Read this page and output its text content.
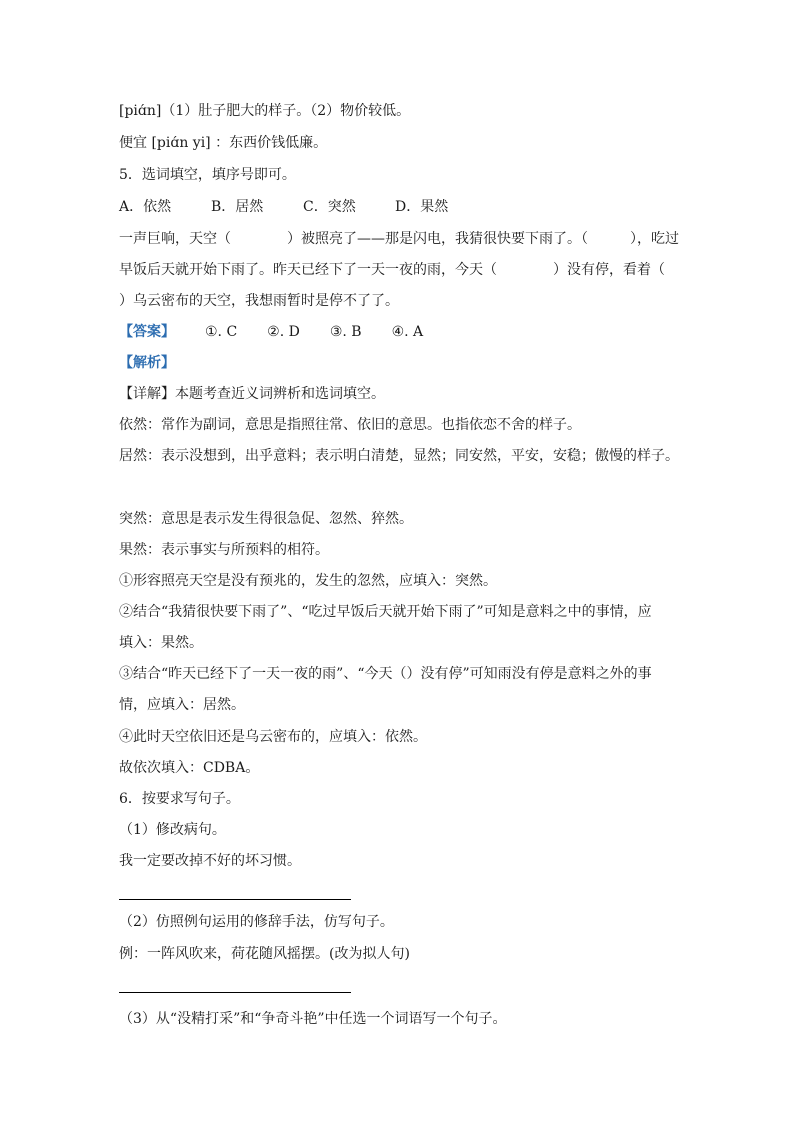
[piɑ́n]（1）肚子肥大的样子。（2）物价较低。
便宜 [piɑ́n yi] ：东西价钱低廉。
5．选词填空，填序号即可。
A．依然	B．居然	C．突然	D．果然
一声巨响，天空（	）被照亮了——那是闪电，我猜很快要下雨了。（	），吃过
早饭后天就开始下雨了。昨天已经下了一天一夜的雨，今天（	）没有停，看着（
）乌云密布的天空，我想雨暂时是停不了了。
【答案】 ①. C ②. D ③. B ④. A
【解析】
【详解】本题考查近义词辨析和选词填空。
依然：常作为副词，意思是指照往常、依旧的意思。也指依恋不舍的样子。
居然：表示没想到，出乎意料；表示明白清楚，显然；同安然，平安，安稳；傲慢的样子。
突然：意思是表示发生得很急促、忽然、猝然。
果然：表示事实与所预料的相符。
①形容照亮天空是没有预兆的，发生的忽然，应填入：突然。
②结合“我猜很快要下雨了”、“吃过早饭后天就开始下雨了”可知是意料之中的事情，应
填入：果然。
③结合“昨天已经下了一天一夜的雨”、“今天（）没有停”可知雨没有停是意料之外的事
情，应填入：居然。
④此时天空依旧还是乌云密布的，应填入：依然。
故依次填入：CDBA。
6．按要求写句子。
（1）修改病句。
我一定要改掉不好的坏习惯。
（2）仿照例句运用的修辞手法，仿写句子。
例：一阵风吹来，荷花随风摇摆。(改为拟人句)
（3）从“没精打采”和“争奇斗艳”中任选一个词语写一个句子。
